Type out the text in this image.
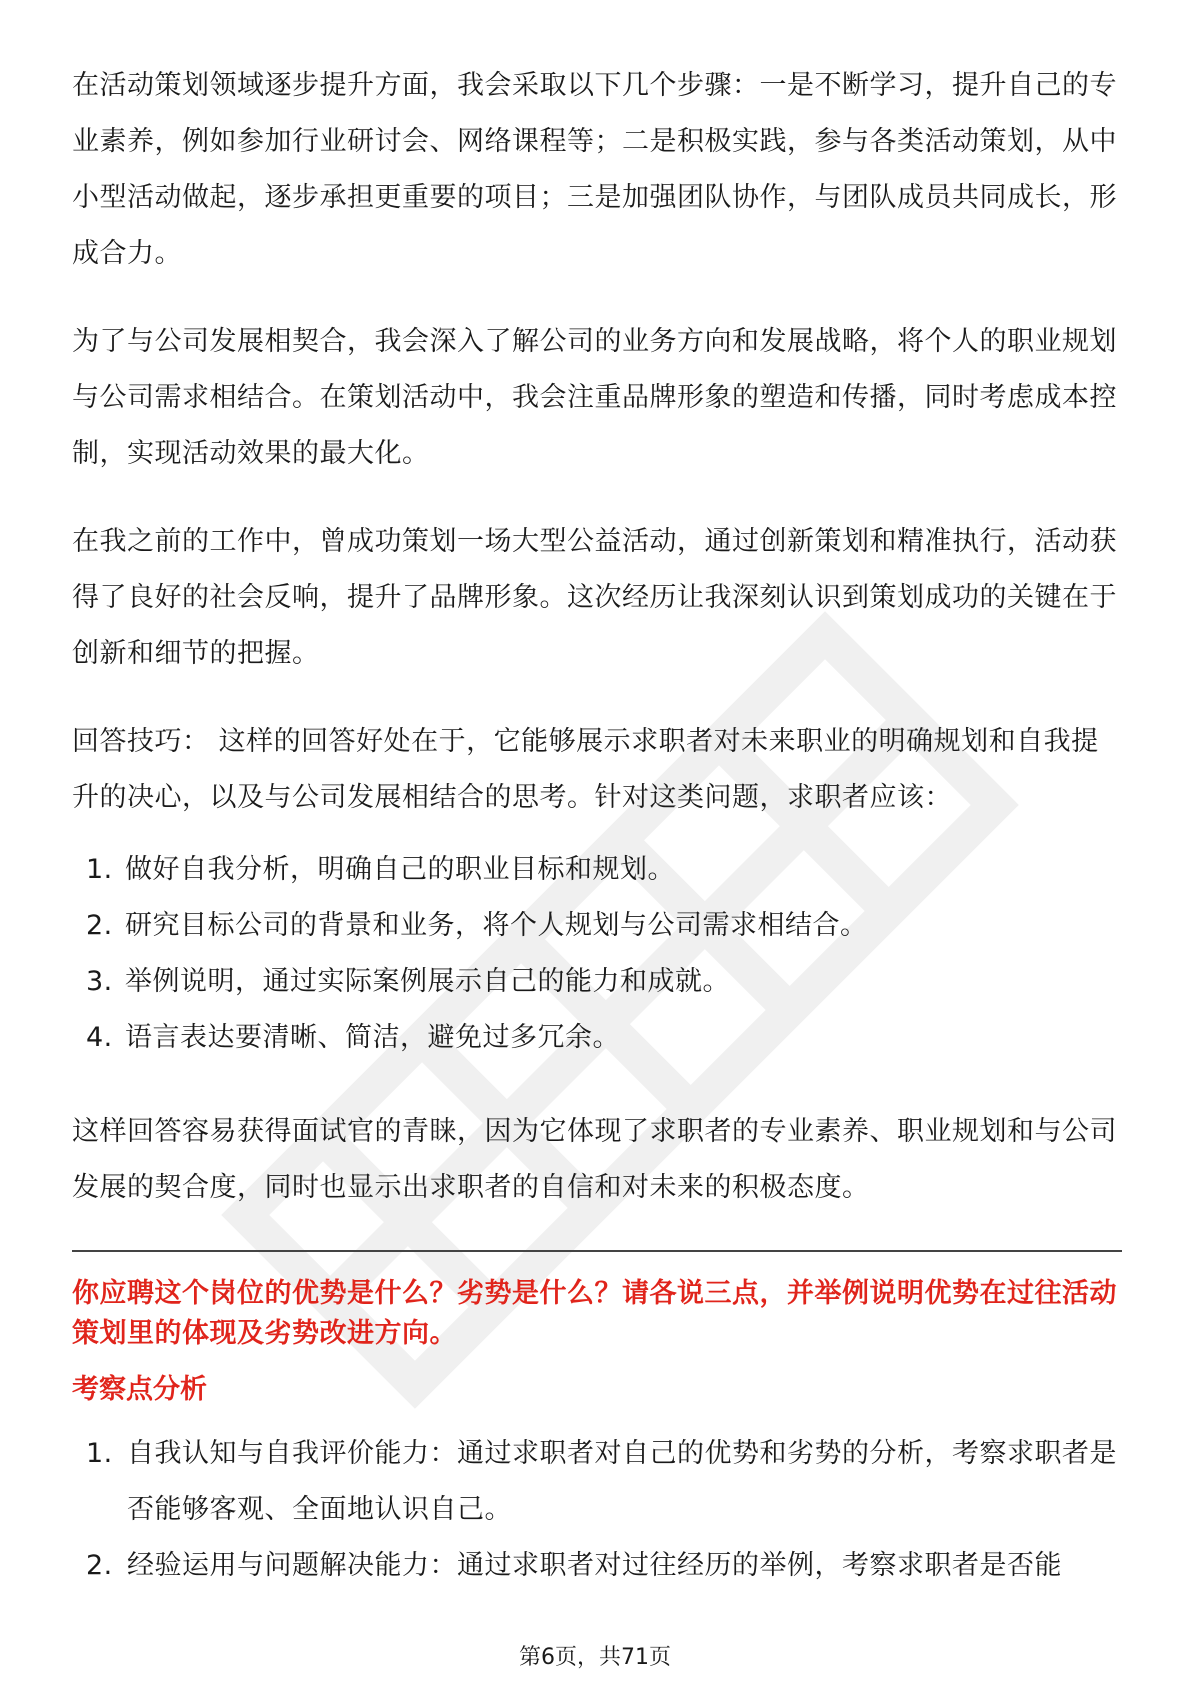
在活动策划领域逐步提升方面，我会采取以下几个步骤：一是不断学习，提升自己的专业素养，例如参加行业研讨会、网络课程等；二是积极实践，参与各类活动策划，从中小型活动做起，逐步承担更重要的项目；三是加强团队协作，与团队成员共同成长，形成合力。

为了与公司发展相契合，我会深入了解公司的业务方向和发展战略，将个人的职业规划与公司需求相结合。在策划活动中，我会注重品牌形象的塑造和传播，同时考虑成本控制，实现活动效果的最大化。

在我之前的工作中，曾成功策划一场大型公益活动，通过创新策划和精准执行，活动获得了良好的社会反响，提升了品牌形象。这次经历让我深刻认识到策划成功的关键在于创新和细节的把握。

回答技巧： 这样的回答好处在于，它能够展示求职者对未来职业的明确规划和自我提升的决心，以及与公司发展相结合的思考。针对这类问题，求职者应该：

1. 做好自我分析，明确自己的职业目标和规划。
2. 研究目标公司的背景和业务，将个人规划与公司需求相结合。
3. 举例说明，通过实际案例展示自己的能力和成就。
4. 语言表达要清晰、简洁，避免过多冗余。

这样回答容易获得面试官的青睐，因为它体现了求职者的专业素养、职业规划和与公司发展的契合度，同时也显示出求职者的自信和对未来的积极态度。

你应聘这个岗位的优势是什么？劣势是什么？请各说三点，并举例说明优势在过往活动策划里的体现及劣势改进方向。

考察点分析

1. 自我认知与自我评价能力：通过求职者对自己的优势和劣势的分析，考察求职者是否能够客观、全面地认识自己。
2. 经验运用与问题解决能力：通过求职者对过往经历的举例，考察求职者是否能
第6页，共71页
